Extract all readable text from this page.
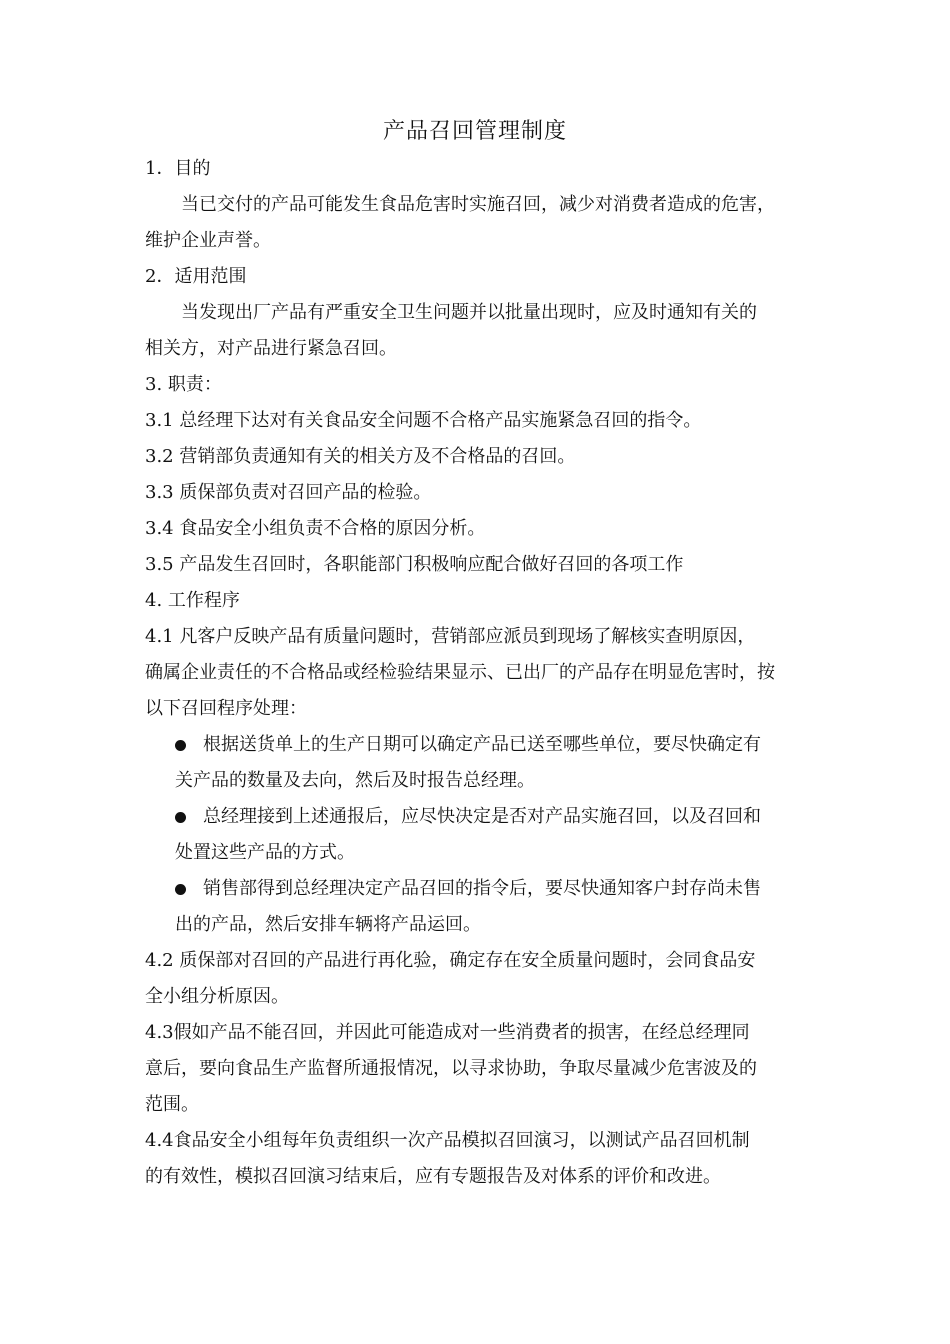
产品召回管理制度
1．目的
当已交付的产品可能发生食品危害时实施召回，减少对消费者造成的危害，
维护企业声誉。
2．适用范围
当发现出厂产品有严重安全卫生问题并以批量出现时，应及时通知有关的
相关方，对产品进行紧急召回。
3. 职责：
3.1 总经理下达对有关食品安全问题不合格产品实施紧急召回的指令。
3.2 营销部负责通知有关的相关方及不合格品的召回。
3.3 质保部负责对召回产品的检验。
3.4 食品安全小组负责不合格的原因分析。
3.5 产品发生召回时，各职能部门积极响应配合做好召回的各项工作
4. 工作程序
4.1 凡客户反映产品有质量问题时，营销部应派员到现场了解核实查明原因，
确属企业责任的不合格品或经检验结果显示、已出厂的产品存在明显危害时，按
以下召回程序处理：
根据送货单上的生产日期可以确定产品已送至哪些单位，要尽快确定有
关产品的数量及去向，然后及时报告总经理。
总经理接到上述通报后，应尽快决定是否对产品实施召回，以及召回和
处置这些产品的方式。
销售部得到总经理决定产品召回的指令后，要尽快通知客户封存尚未售
出的产品，然后安排车辆将产品运回。
4.2 质保部对召回的产品进行再化验，确定存在安全质量问题时，会同食品安
全小组分析原因。
4.3假如产品不能召回，并因此可能造成对一些消费者的损害，在经总经理同
意后，要向食品生产监督所通报情况，以寻求协助，争取尽量减少危害波及的
范围。
4.4食品安全小组每年负责组织一次产品模拟召回演习，以测试产品召回机制
的有效性，模拟召回演习结束后，应有专题报告及对体系的评价和改进。
